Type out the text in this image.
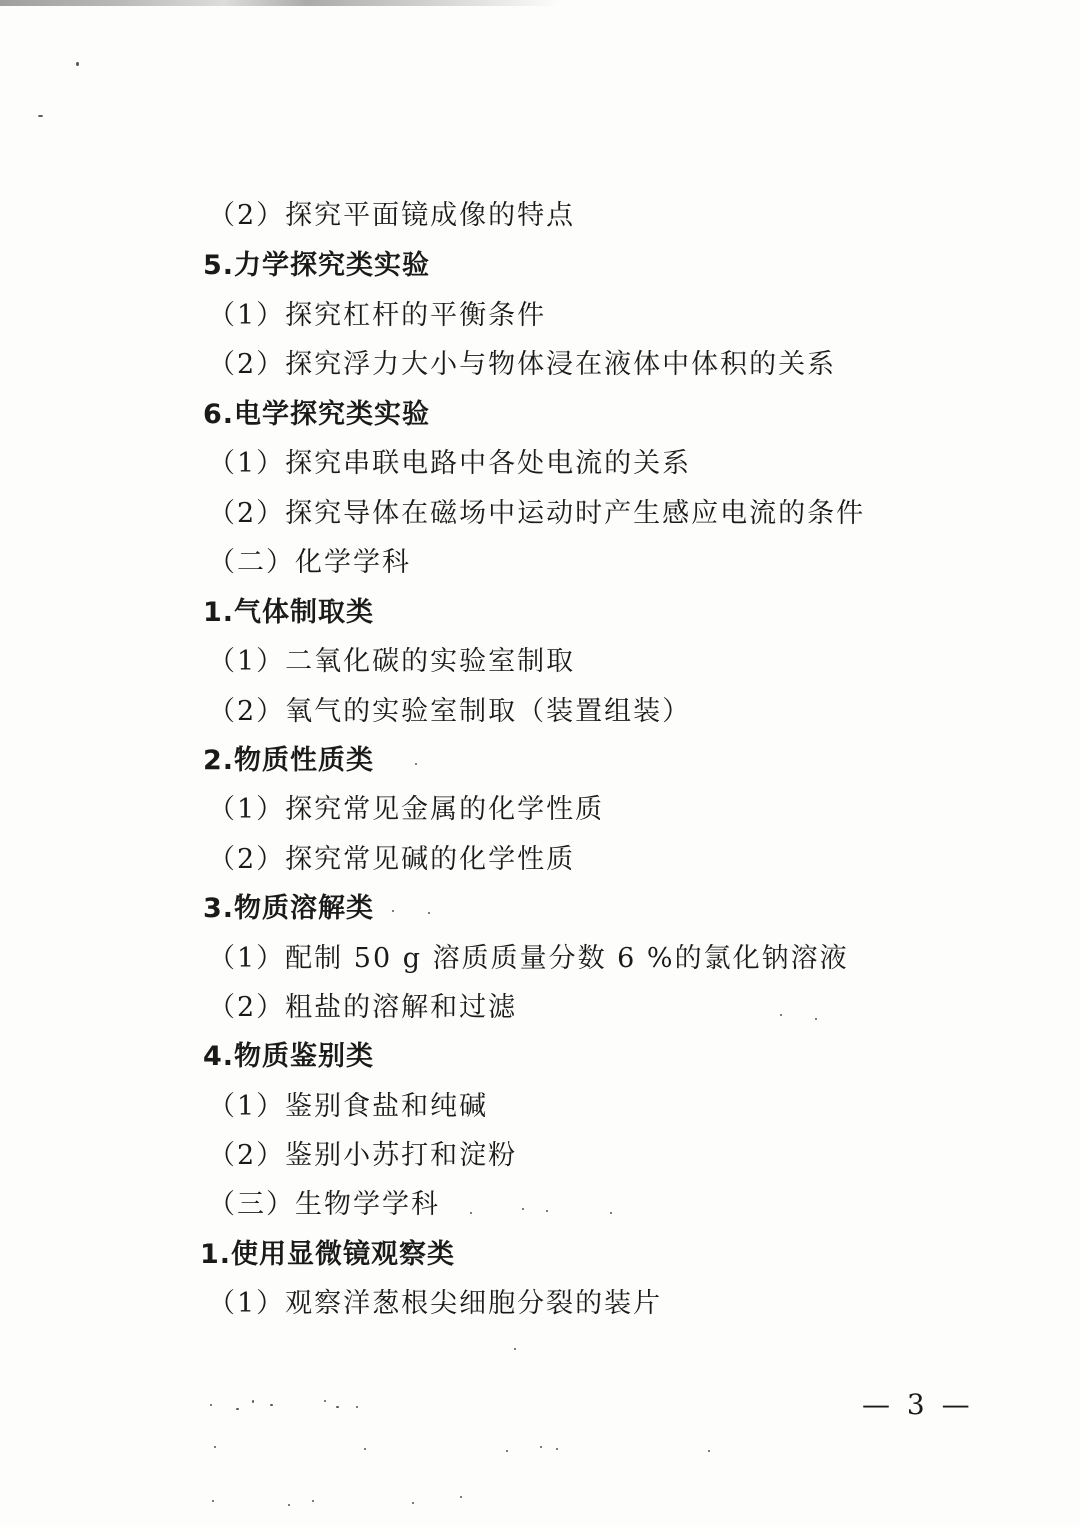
（2）探究平面镜成像的特点
5.力学探究类实验
（1）探究杠杆的平衡条件
（2）探究浮力大小与物体浸在液体中体积的关系
6.电学探究类实验
（1）探究串联电路中各处电流的关系
（2）探究导体在磁场中运动时产生感应电流的条件
（二）化学学科
1.气体制取类
（1）二氧化碳的实验室制取
（2）氧气的实验室制取（装置组装）
2.物质性质类
（1）探究常见金属的化学性质
（2）探究常见碱的化学性质
3.物质溶解类
（1）配制 50 g 溶质质量分数 6 %的氯化钠溶液
（2）粗盐的溶解和过滤
4.物质鉴别类
（1）鉴别食盐和纯碱
（2）鉴别小苏打和淀粉
（三）生物学学科
1.使用显微镜观察类
（1）观察洋葱根尖细胞分裂的装片
— 3 —
